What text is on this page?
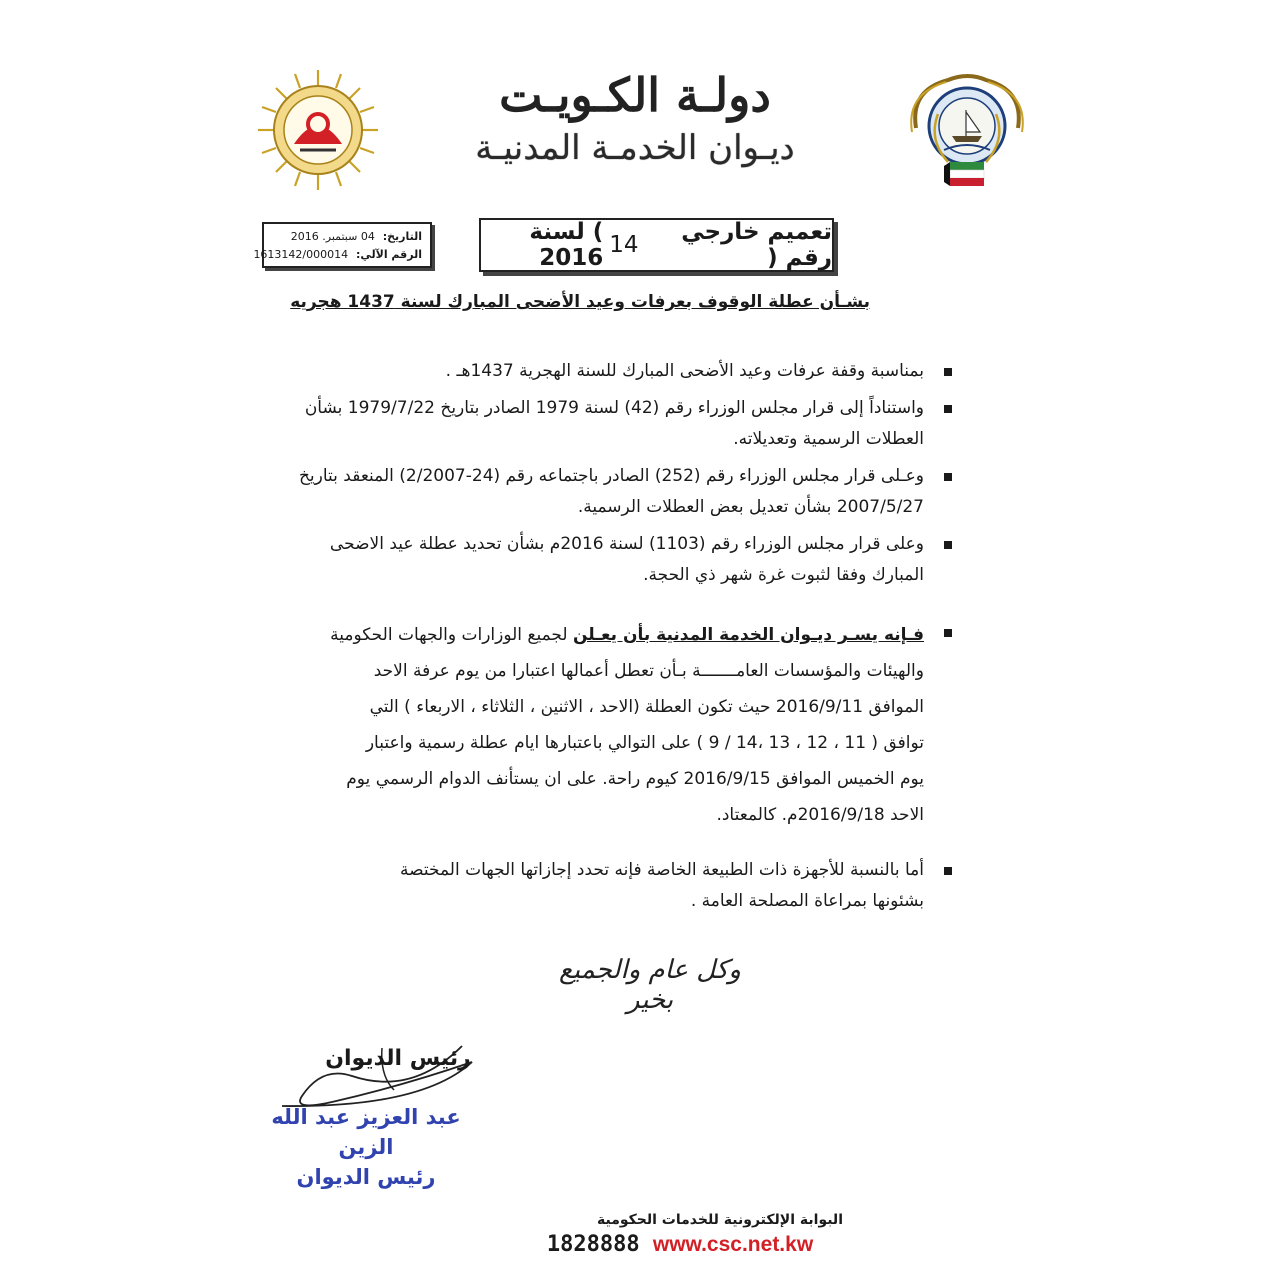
دولـة الكـويـت
ديـوان الخدمـة المدنيـة
تعميم خارجي رقم (
14
) لسنة 2016
التاريخ: 04 سبتمبر. 2016
الرقم الآلي: 1613142/000014
بشـأن عطلة الوقوف بعرفات وعيد الأضحى المبارك لسنة 1437 هجريه
بمناسبة وقفة عرفات وعيد الأضحى المبارك للسنة الهجرية 1437هـ .
واستناداً إلى قرار مجلس الوزراء رقم (42) لسنة 1979 الصادر بتاريخ 1979/7/22 بشأن
العطلات الرسمية وتعديلاته.
وعـلى قرار مجلس الوزراء رقم (252) الصادر باجتماعه رقم (24-2/2007) المنعقد بتاريخ
2007/5/27 بشأن تعديل بعض العطلات الرسمية.
وعلى قرار مجلس الوزراء رقم (1103) لسنة 2016م بشأن تحديد عطلة عيد الاضحى
المبارك وفقا لثبوت غرة شهر ذي الحجة.
فـإنه يسـر ديـوان الخدمة المدنية بأن يعـلن لجميع الوزارات والجهات الحكومية
والهيئات والمؤسسات العامـــــــة بـأن تعطل أعمالها اعتبارا من يوم عرفة الاحد
الموافق 2016/9/11 حيث تكون العطلة (الاحد ، الاثنين ، الثلاثاء ، الاربعاء ) التي
توافق ( 11 ، 12 ، 13 ،14 / 9 ) على التوالي باعتبارها ايام عطلة رسمية واعتبار
يوم الخميس الموافق 2016/9/15 كيوم راحة. على ان يستأنف الدوام الرسمي يوم
الاحد 2016/9/18م. كالمعتاد.
أما بالنسبة للأجهزة ذات الطبيعة الخاصة فإنه تحدد إجازاتها الجهات المختصة
بشئونها بمراعاة المصلحة العامة .
وكل عام والجميع بخير
رئيس الديوان
عبد العزيز عبد الله الزين
رئيس الديوان
البوابة الإلكترونية للخدمات الحكومية
1828888 www.csc.net.kw
